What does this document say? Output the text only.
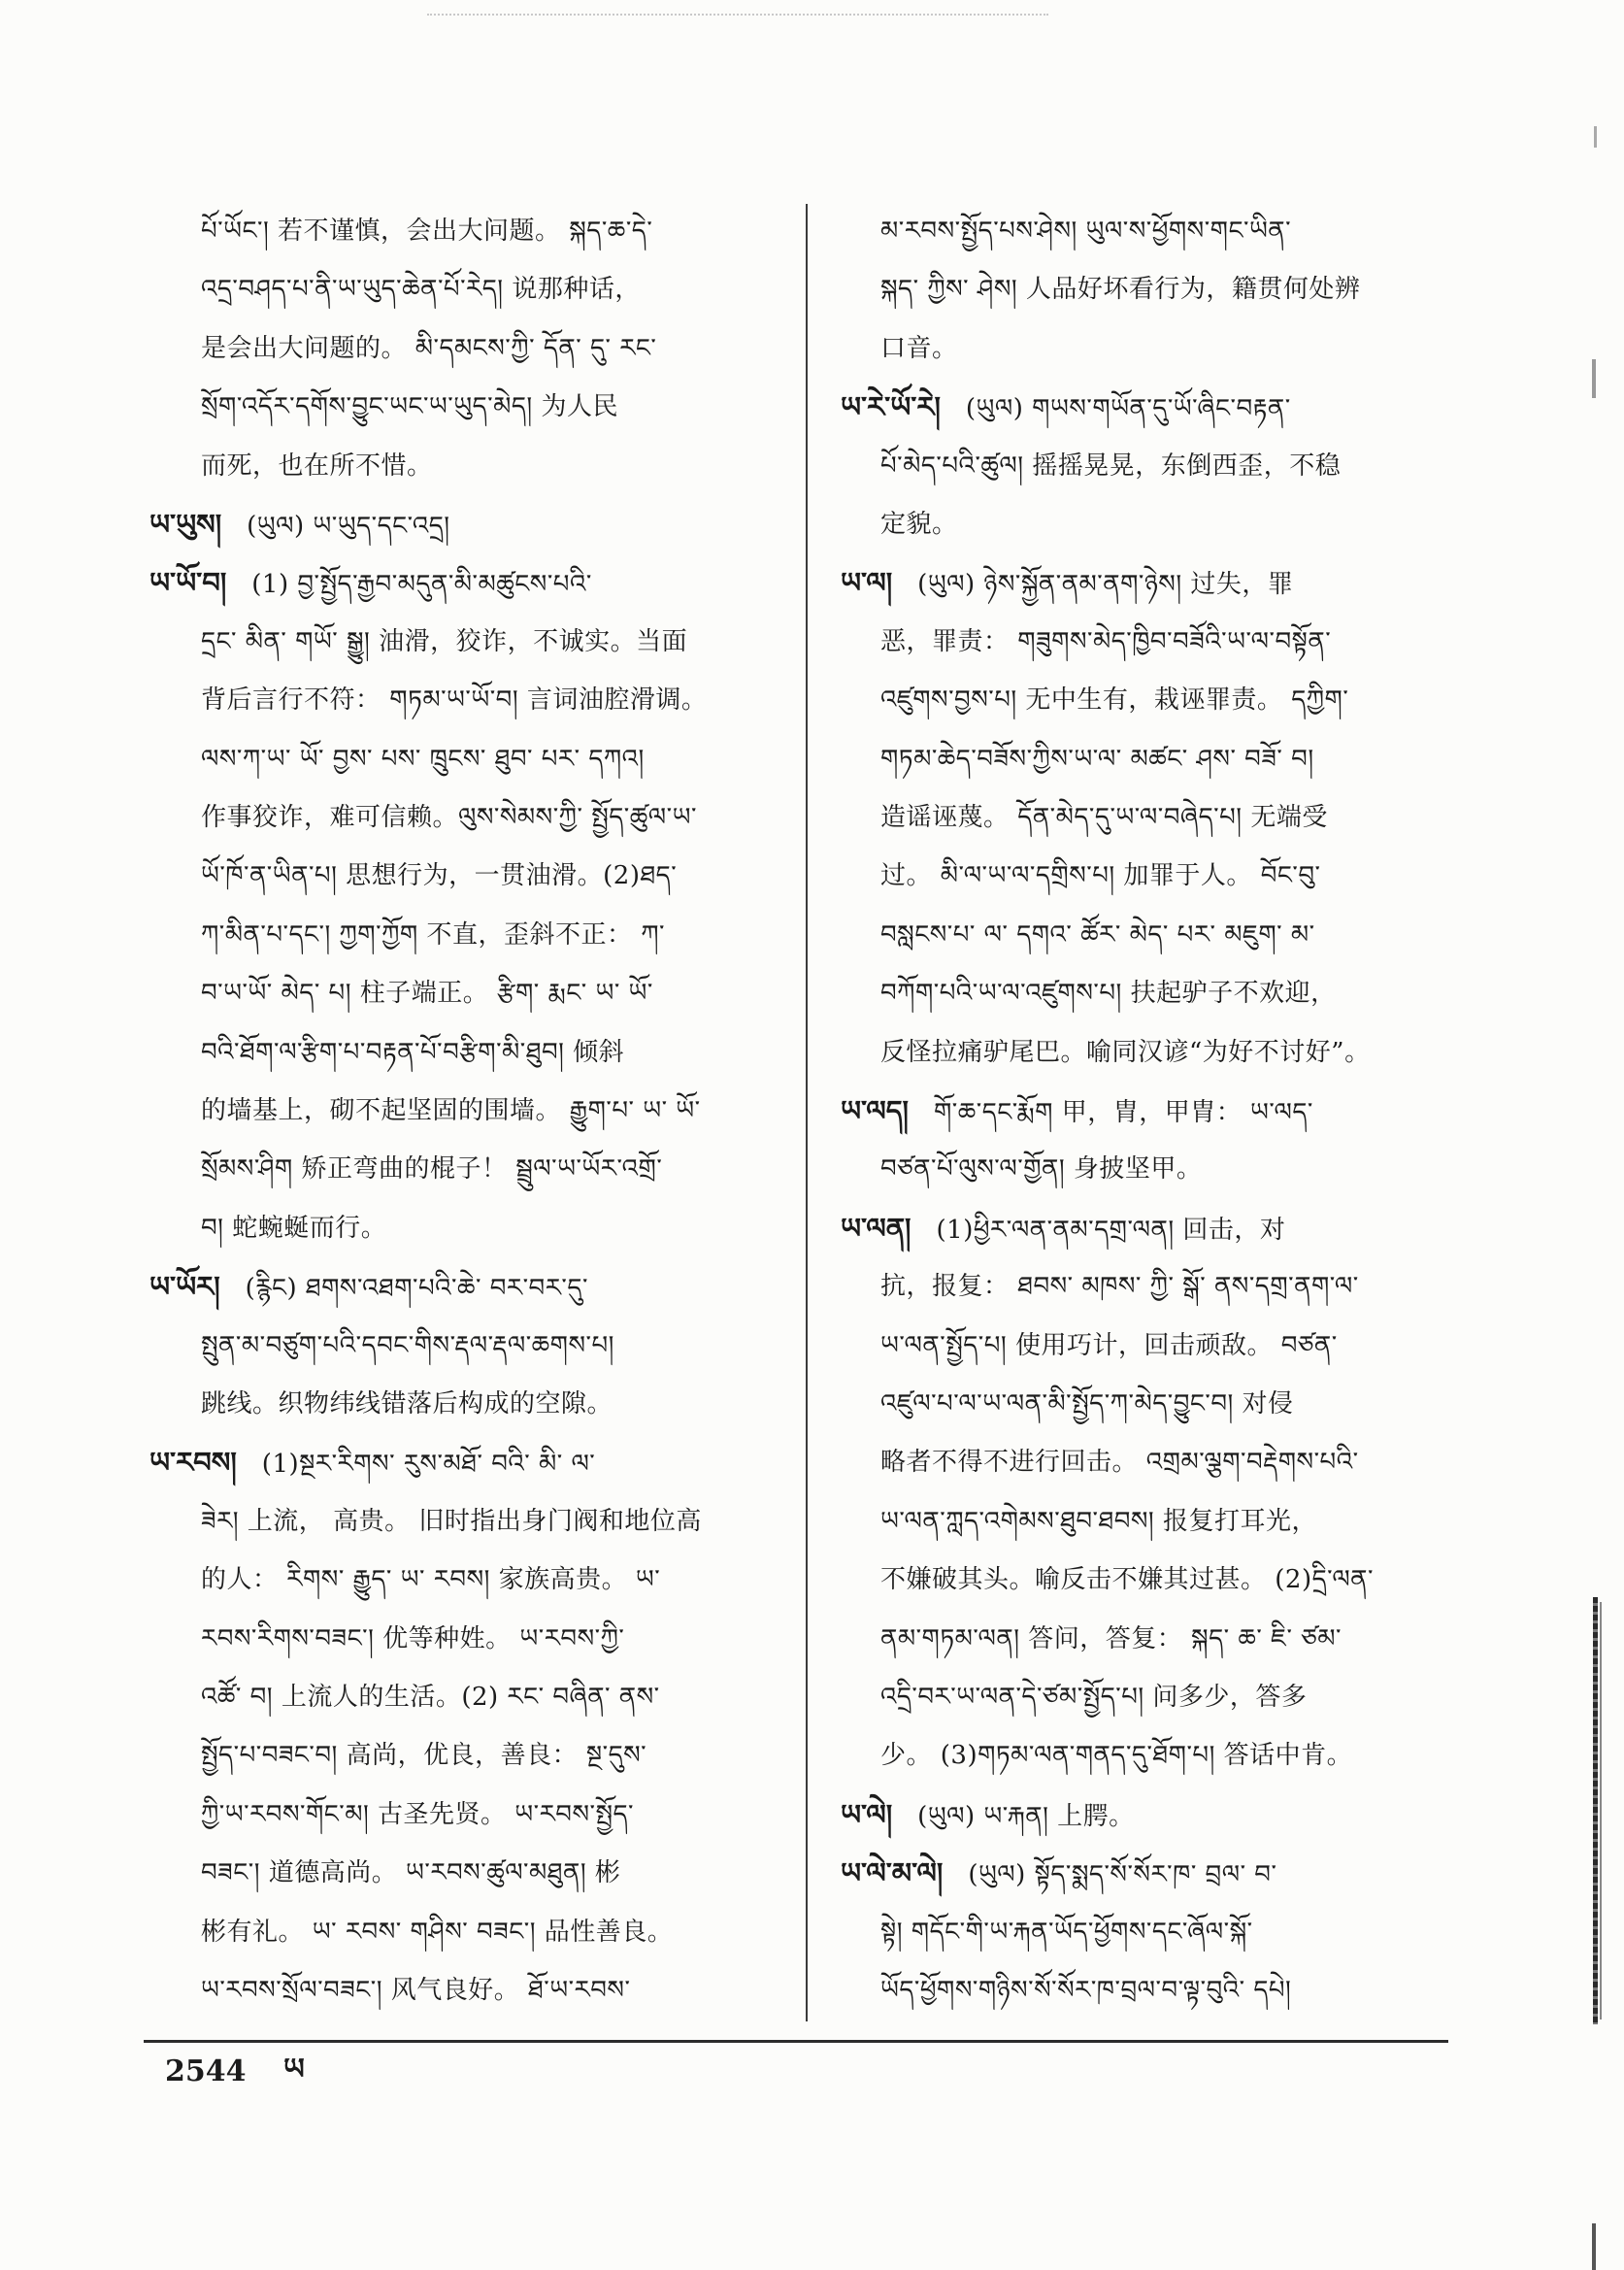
པོ་ཡོང་། 若不谨慎，会出大问题。 སྐད་ཆ་དེ་
འདྲ་བཤད་པ་ནི་ཡ་ཡུད་ཆེན་པོ་རེད། 说那种话，
是会出大问题的。 མི་དམངས་ཀྱི་ དོན་ དུ་ རང་
སྲོག་འདོར་དགོས་བྱུང་ཡང་ཡ་ཡུད་མེད། 为人民
而死，也在所不惜。
ཡ་ཡུས། (ཡུལ) ཡ་ཡུད་དང་འདྲ།
ཡ་ཡོ་བ། (1) བྱ་སྤྱོད་རྒྱབ་མདུན་མི་མཚུངས་པའི་
དྲང་ མིན་ གཡོ་ སྒྱུ། 油滑，狡诈，不诚实。当面
背后言行不符： གཏམ་ཡ་ཡོ་བ། 言词油腔滑调。
ལས་ཀ་ཡ་ ཡོ་ བྱས་ པས་ ཁྲུངས་ ཐུབ་ པར་ དཀའ།
作事狡诈，难可信赖。ལུས་སེམས་ཀྱི་ སྤྱོད་ཚུལ་ཡ་
ཡོ་ཁོ་ན་ཡིན་པ། 思想行为，一贯油滑。(2)ཐད་
ཀ་མིན་པ་དང་། ཀྱག་ཀྱོག 不直，歪斜不正： ཀ་
བ་ཡ་ཡོ་ མེད་ པ། 柱子端正。 རྩིག་ རྨང་ ཡ་ ཡོ་
བའི་ཐོག་ལ་རྩིག་པ་བརྟན་པོ་བརྩིག་མི་ཐུབ། 倾斜
的墙基上，砌不起坚固的围墙。 རྒྱུག་པ་ ཡ་ ཡོ་
སྲོམས་ཤིག 矫正弯曲的棍子！ སྦྲུལ་ཡ་ཡོར་འགྲོ་
བ། 蛇蜿蜒而行。
ཡ་ཡོར། (རྙིང) ཐགས་འཐག་པའི་ཆེ་ བར་བར་དུ་
སྤུན་མ་བཙུག་པའི་དབང་གིས་རྡལ་རྡལ་ཆགས་པ།
跳线。织物纬线错落后构成的空隙。
ཡ་རབས། (1)སྔར་རིགས་ རུས་མཐོ་ བའི་ མི་ ལ་
ཟེར། 上流， 高贵。 旧时指出身门阀和地位高
的人： རིགས་ རྒྱུད་ ཡ་ རབས། 家族高贵。 ཡ་
རབས་རིགས་བཟང་། 优等种姓。 ཡ་རབས་ཀྱི་
འཚོ་ བ། 上流人的生活。(2) རང་ བཞིན་ ནས་
སྤྱོད་པ་བཟང་བ། 高尚，优良，善良： སྔ་དུས་
ཀྱི་ཡ་རབས་གོང་མ། 古圣先贤。 ཡ་རབས་སྤྱོད་
བཟང་། 道德高尚。 ཡ་རབས་ཚུལ་མཐུན། 彬
彬有礼。 ཡ་ རབས་ གཤིས་ བཟང་། 品性善良。
ཡ་རབས་སྲོལ་བཟང་། 风气良好。 ཐོ་ཡ་རབས་
མ་རབས་སྤྱོད་པས་ཤེས། ཡུལ་ས་ཕྱོགས་གང་ཡིན་
སྐད་ ཀྱིས་ ཤེས། 人品好坏看行为，籍贯何处辨
口音。
ཡ་རེ་ཡོ་རེ། (ཡུལ) གཡས་གཡོན་དུ་ཡོ་ཞིང་བརྟན་
པོ་མེད་པའི་ཚུལ། 摇摇晃晃，东倒西歪，不稳
定貌。
ཡ་ལ། (ཡུལ) ཉེས་སྐྱོན་ནམ་ནག་ཉེས། 过失，罪
恶，罪责： གཟུགས་མེད་ཁྱིབ་བཟོའི་ཡ་ལ་བསྟོན་
འཛུགས་བྱས་པ། 无中生有，栽诬罪责。 དཀྱིག་
གཏམ་ཆེད་བཟོས་ཀྱིས་ཡ་ལ་ མཚང་ ཤས་ བཟོ་ བ།
造谣诬蔑。 དོན་མེད་དུ་ཡ་ལ་བཞེད་པ། 无端受
过。 མི་ལ་ཡ་ལ་དགྲིས་པ། 加罪于人。 བོང་བུ་
བསླངས་པ་ ལ་ དགའ་ ཚོར་ མེད་ པར་ མཇུག་ མ་
བཀོག་པའི་ཡ་ལ་འཛུགས་པ། 扶起驴子不欢迎，
反怪拉痛驴尾巴。喻同汉谚“为好不讨好”。
ཡ་ལད། གོ་ཆ་དང་རྨོག 甲，胄，甲胄： ཡ་ལད་
བཙན་པོ་ལུས་ལ་གྱོན། 身披坚甲。
ཡ་ལན། (1)ཕྱིར་ལན་ནམ་དགྲ་ལན། 回击，对
抗，报复： ཐབས་ མཁས་ ཀྱི་ སྒོ་ ནས་དགྲ་ནག་ལ་
ཡ་ལན་སྤྱོད་པ། 使用巧计，回击顽敌。 བཙན་
འཛུལ་པ་ལ་ཡ་ལན་མི་སྤྱོད་ཀ་མེད་བྱུང་བ། 对侵
略者不得不进行回击。 འགྲམ་ལྕག་བརྡེགས་པའི་
ཡ་ལན་ཀླད་འགེམས་ཐུབ་ཐབས། 报复打耳光，
不嫌破其头。喻反击不嫌其过甚。 (2)དྲི་ལན་
ནམ་གཏམ་ལན། 答问，答复： སྐད་ ཆ་ ཇི་ ཙམ་
འདྲི་བར་ཡ་ལན་དེ་ཙམ་སྤྱོད་པ། 问多少，答多
少。 (3)གཏམ་ལན་གནད་དུ་ཐོག་པ། 答话中肯。
ཡ་ལེ། (ཡུལ) ཡ་རྐན། 上腭。
ཡ་ལེ་མ་ལེ། (ཡུལ) སྟོད་སྨད་སོ་སོར་ཁ་ བྲལ་ བ་
སྟེ། གདོང་གི་ཡ་རྐན་ཡོད་ཕྱོགས་དང་ཞོལ་སྐོ་
ཡོད་ཕྱོགས་གཉིས་སོ་སོར་ཁ་བྲལ་བ་ལྟ་བུའི་ དཔེ།
2544 ཡ
